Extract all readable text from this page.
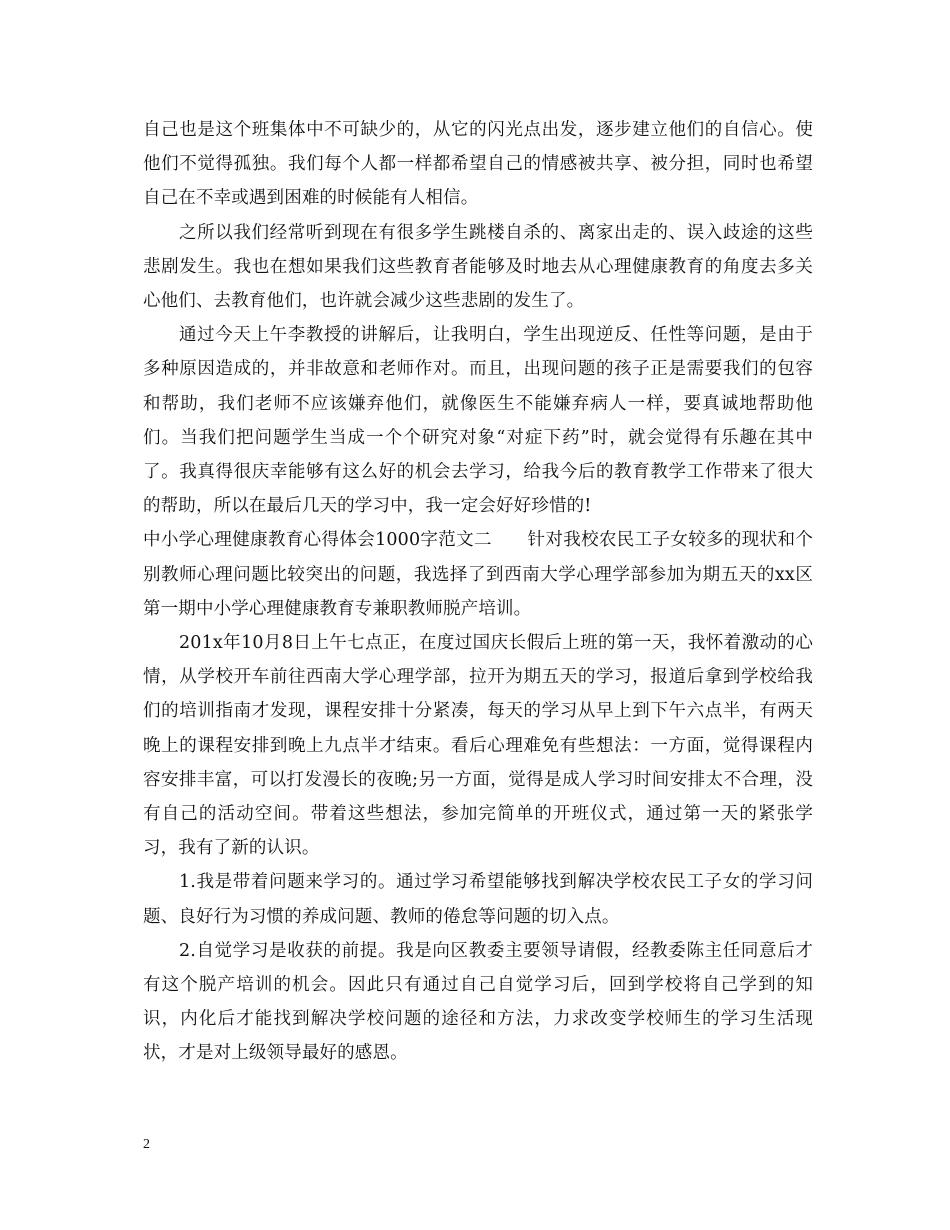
自己也是这个班集体中不可缺少的，从它的闪光点出发，逐步建立他们的自信心。使他们不觉得孤独。我们每个人都一样都希望自己的情感被共享、被分担，同时也希望自己在不幸或遇到困难的时候能有人相信。

之所以我们经常听到现在有很多学生跳楼自杀的、离家出走的、误入歧途的这些悲剧发生。我也在想如果我们这些教育者能够及时地去从心理健康教育的角度去多关心他们、去教育他们，也许就会减少这些悲剧的发生了。

通过今天上午李教授的讲解后，让我明白，学生出现逆反、任性等问题，是由于多种原因造成的，并非故意和老师作对。而且，出现问题的孩子正是需要我们的包容和帮助，我们老师不应该嫌弃他们，就像医生不能嫌弃病人一样，要真诚地帮助他们。当我们把问题学生当成一个个研究对象“对症下药”时，就会觉得有乐趣在其中了。我真得很庆幸能够有这么好的机会去学习，给我今后的教育教学工作带来了很大的帮助，所以在最后几天的学习中，我一定会好好珍惜的!

中小学心理健康教育心得体会1000字范文二　　针对我校农民工子女较多的现状和个别教师心理问题比较突出的问题，我选择了到西南大学心理学部参加为期五天的xx区第一期中小学心理健康教育专兼职教师脱产培训。

201x年10月8日上午七点正，在度过国庆长假后上班的第一天，我怀着激动的心情，从学校开车前往西南大学心理学部，拉开为期五天的学习，报道后拿到学校给我们的培训指南才发现，课程安排十分紧凑，每天的学习从早上到下午六点半，有两天晚上的课程安排到晚上九点半才结束。看后心理难免有些想法：一方面，觉得课程内容安排丰富，可以打发漫长的夜晚;另一方面，觉得是成人学习时间安排太不合理，没有自己的活动空间。带着这些想法，参加完简单的开班仪式，通过第一天的紧张学习，我有了新的认识。

1.我是带着问题来学习的。通过学习希望能够找到解决学校农民工子女的学习问题、良好行为习惯的养成问题、教师的倦怠等问题的切入点。

2.自觉学习是收获的前提。我是向区教委主要领导请假，经教委陈主任同意后才有这个脱产培训的机会。因此只有通过自己自觉学习后，回到学校将自己学到的知识，内化后才能找到解决学校问题的途径和方法，力求改变学校师生的学习生活现状，才是对上级领导最好的感恩。

2
